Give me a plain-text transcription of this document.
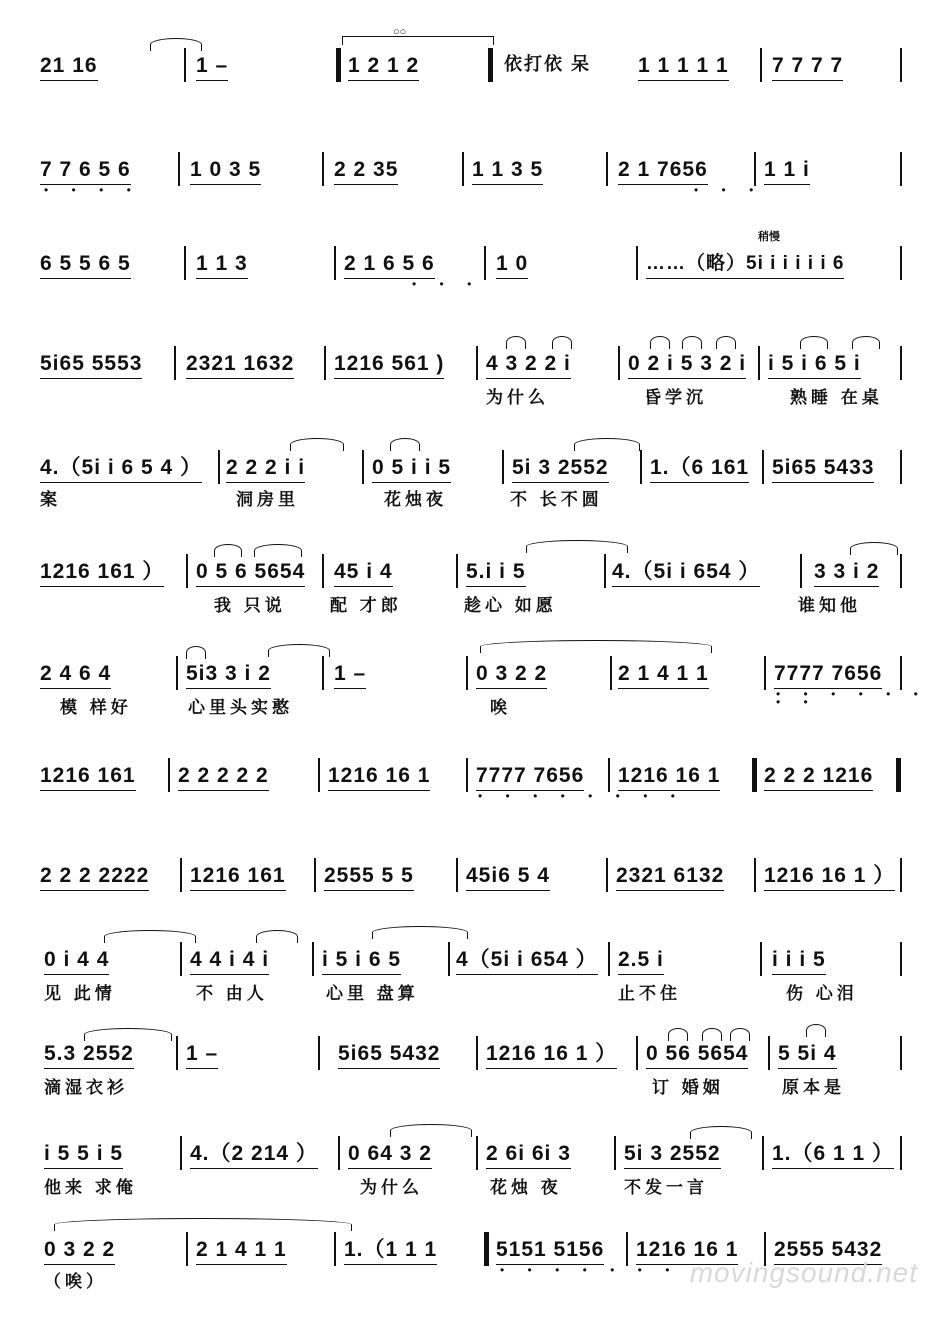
○○
21 16	1 –	1 2 1 2	依打依 呆 1 1 1 1 1 7 7 7 7
7 7 6 5 6
• • • •
1 0 3 5	2 2 35	1 1 3 5	2 1 7656
• • •
1 1 i
稍慢
6 5 5 6 5	1 1 3	2 1 6 5 6
• • •
1 0	……（略）5i i i i i i 6
5i65 5553 2321 1632 1216 561 ) 4 3 2 2 i	0 2 i 5 3 2 i i 5 i 6 5 i
为什么	昏学沉	熟睡 在桌
4.（5i i 6 5 4 ） 2 2 2 i i	0 5 i i 5	5i 3 2552 1.（6 161 5i65 5433
案	洞房里	花烛夜	不 长不圆
1216 161 ） 0 5 6 5654 45 i 4	5.i i 5	4.（5i i 654 ）	3 3 i 2
我 只说	配 才郎	趁心 如愿	谁知他
2 4 6 4	5i3 3 i 2	1 –	0 3 2 2	2 1 4 1 1	7777 7656
• • • • • • • •
模 样好	心里头实憨	唉
1216 161 2 2 2 2 2	1216 16 1 7777 7656
• • • • • • • •
1216 16 1 2 2 2 1216
2 2 2 2222 1216 161 2555 5 5 45i6 5 4	2321 6132 1216 16 1 ）
0 i 4 4	4 4 i 4 i	i 5 i 6 5	4（5i i 654 ） 2.5 i	i i i 5
见 此情	不 由人	心里 盘算	止不住	伤 心泪
5.3 2552 1 –	5i65 5432 1216 16 1 ） 0 56 5654 5 5i 4
滴湿衣衫	订 婚姻	原本是
i 5 5 i 5	4.（2 214 ） 0 64 3 2	2 6i 6i 3	5i 3 2552 1.（6 1 1 ）
他来 求俺	为什么	花烛 夜	不发一言
0 3 2 2	2 1 4 1 1	1.（1 1 1	5151 5156
• • • • • • •
1216 16 1 2555 5432
（唉）	movingsound.net
